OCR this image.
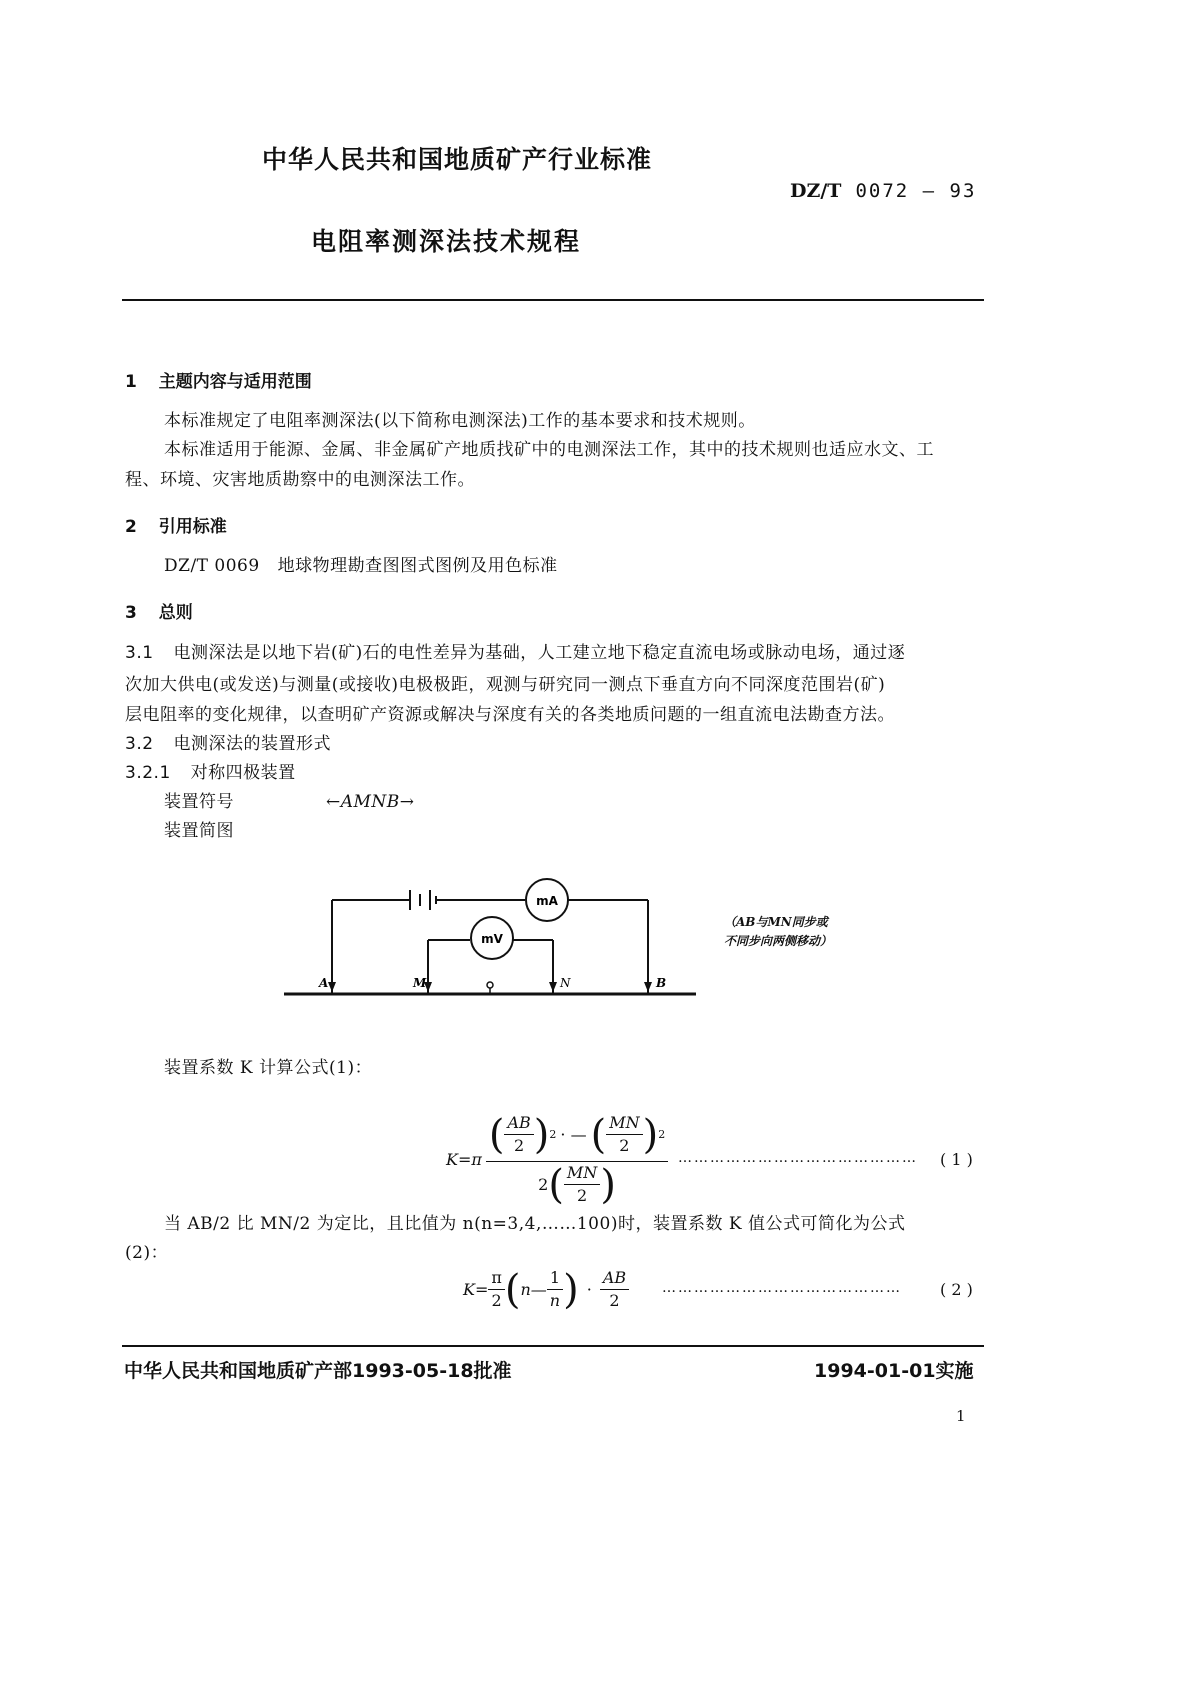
中华人民共和国地质矿产行业标准
DZ/T 0072 — 93
电阻率测深法技术规程
1 主题内容与适用范围
本标准规定了电阻率测深法(以下简称电测深法)工作的基本要求和技术规则。
本标准适用于能源、金属、非金属矿产地质找矿中的电测深法工作，其中的技术规则也适应水文、工
程、环境、灾害地质勘察中的电测深法工作。
2 引用标准
DZ/T 0069 地球物理勘查图图式图例及用色标准
3 总则
3.1 电测深法是以地下岩(矿)石的电性差异为基础，人工建立地下稳定直流电场或脉动电场，通过逐
次加大供电(或发送)与测量(或接收)电极极距，观测与研究同一测点下垂直方向不同深度范围岩(矿)
层电阻率的变化规律，以查明矿产资源或解决与深度有关的各类地质问题的一组直流电法勘查方法。
3.2 电测深法的装置形式
3.2.1 对称四极装置
装置符号	←AMNB→
装置简图
mA
mV
A	M	N	B
（AB与MN同步或
不同步向两侧移动）
装置系数 K 计算公式(1)：
K=π
( $\frac{AB}{2}$ ) 2 · — ( $\frac{MN}{2}$ ) 2
2 ( $\frac{MN}{2}$ )
……………………………………… ( 1 )
当 AB/2 比 MN/2 为定比，且比值为 n(n=3,4,……100)时，装置系数 K 值公式可简化为公式
(2)：
$K= \frac{\pi}{2}$ ( n— $\frac{1}{n}$ ) · $\frac{AB}{2}$ ……………………………………… ( 2 )
中华人民共和国地质矿产部1993-05-18批准	1994-01-01实施
1
